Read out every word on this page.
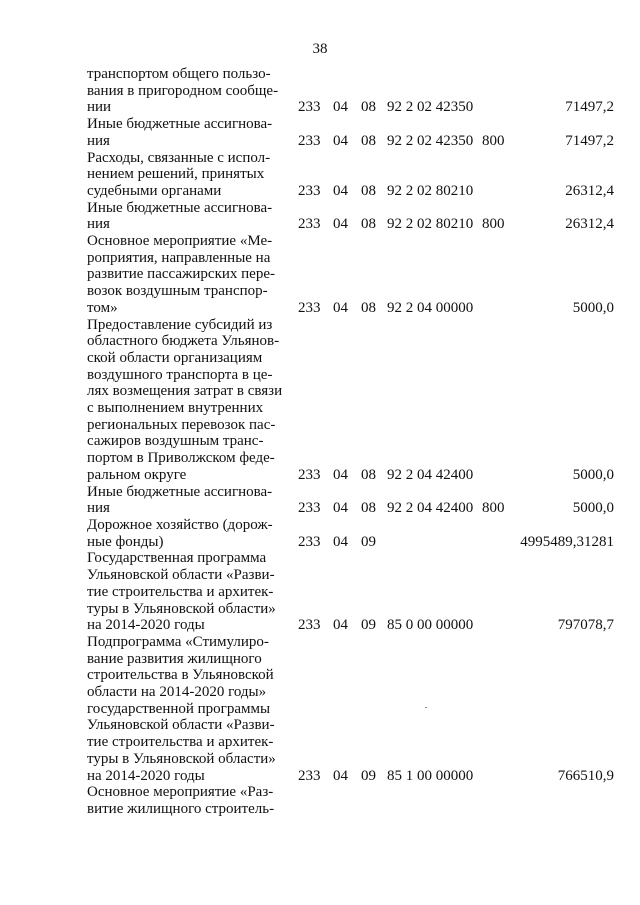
38
транспортом общего пользо-
вания в пригородном сообще-
нии	233 04 08 92 2 02 42350	71497,2
Иные бюджетные ассигнова-
ния	233 04 08 92 2 02 42350 800	71497,2
Расходы, связанные с испол-
нением решений, принятых
судебными органами	233 04 08 92 2 02 80210	26312,4
Иные бюджетные ассигнова-
ния	233 04 08 92 2 02 80210 800	26312,4
Основное мероприятие «Ме-
роприятия, направленные на
развитие пассажирских пере-
возок воздушным транспор-
том»	233 04 08 92 2 04 00000	5000,0
Предоставление субсидий из
областного бюджета Ульянов-
ской области организациям
воздушного транспорта в це-
лях возмещения затрат в связи
с выполнением внутренних
региональных перевозок пас-
сажиров воздушным транс-
портом в Приволжском феде-
ральном округе	233 04 08 92 2 04 42400	5000,0
Иные бюджетные ассигнова-
ния	233 04 08 92 2 04 42400 800	5000,0
Дорожное хозяйство (дорож-
ные фонды)	233 04 09	4995489,31281
Государственная программа
Ульяновской области «Разви-
тие строительства и архитек-
туры в Ульяновской области»
на 2014-2020 годы	233 04 09 85 0 00 00000	797078,7
Подпрограмма «Стимулиро-
вание развития жилищного
строительства в Ульяновской
области на 2014-2020 годы»
государственной программы
Ульяновской области «Разви-
тие строительства и архитек-
туры в Ульяновской области»
на 2014-2020 годы	233 04 09 85 1 00 00000	766510,9
Основное мероприятие «Раз-
витие жилищного строитель-
